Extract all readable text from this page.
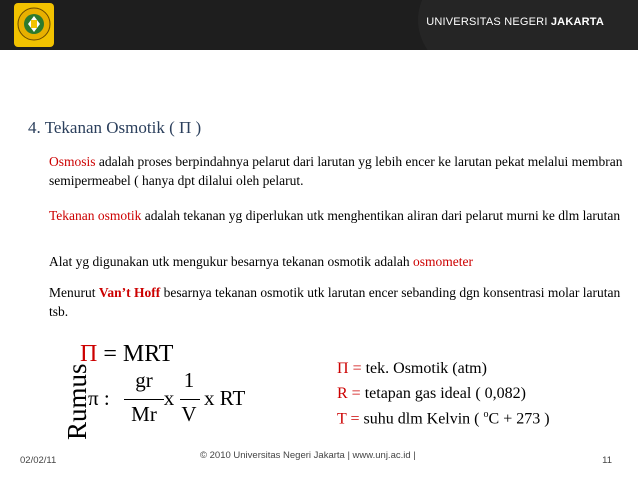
UNIVERSITAS NEGERI JAKARTA
4. Tekanan Osmotik ( Π )

Osmosis adalah proses berpindahnya pelarut dari larutan yg lebih encer ke larutan pekat melalui membran semipermeabel ( hanya dpt dilalui oleh pelarut.

Tekanan osmotik adalah tekanan yg diperlukan utk menghentikan aliran dari pelarut murni ke dlm larutan

Alat yg digunakan utk mengukur besarnya tekanan osmotik adalah osmometer

Menurut Van’t Hoff besarnya tekanan osmotik utk larutan encer sebanding dgn konsentrasi molar larutan tsb.

Rumus
Π = MRT
π :
gr
Mr
x
1
V
x RT
Π = tek. Osmotik (atm)
R = tetapan gas ideal ( 0,082)
T = suhu dlm Kelvin ( $^o$C + 273 )
02/02/11	© 2010 Universitas Negeri Jakarta | www.unj.ac.id |	11
